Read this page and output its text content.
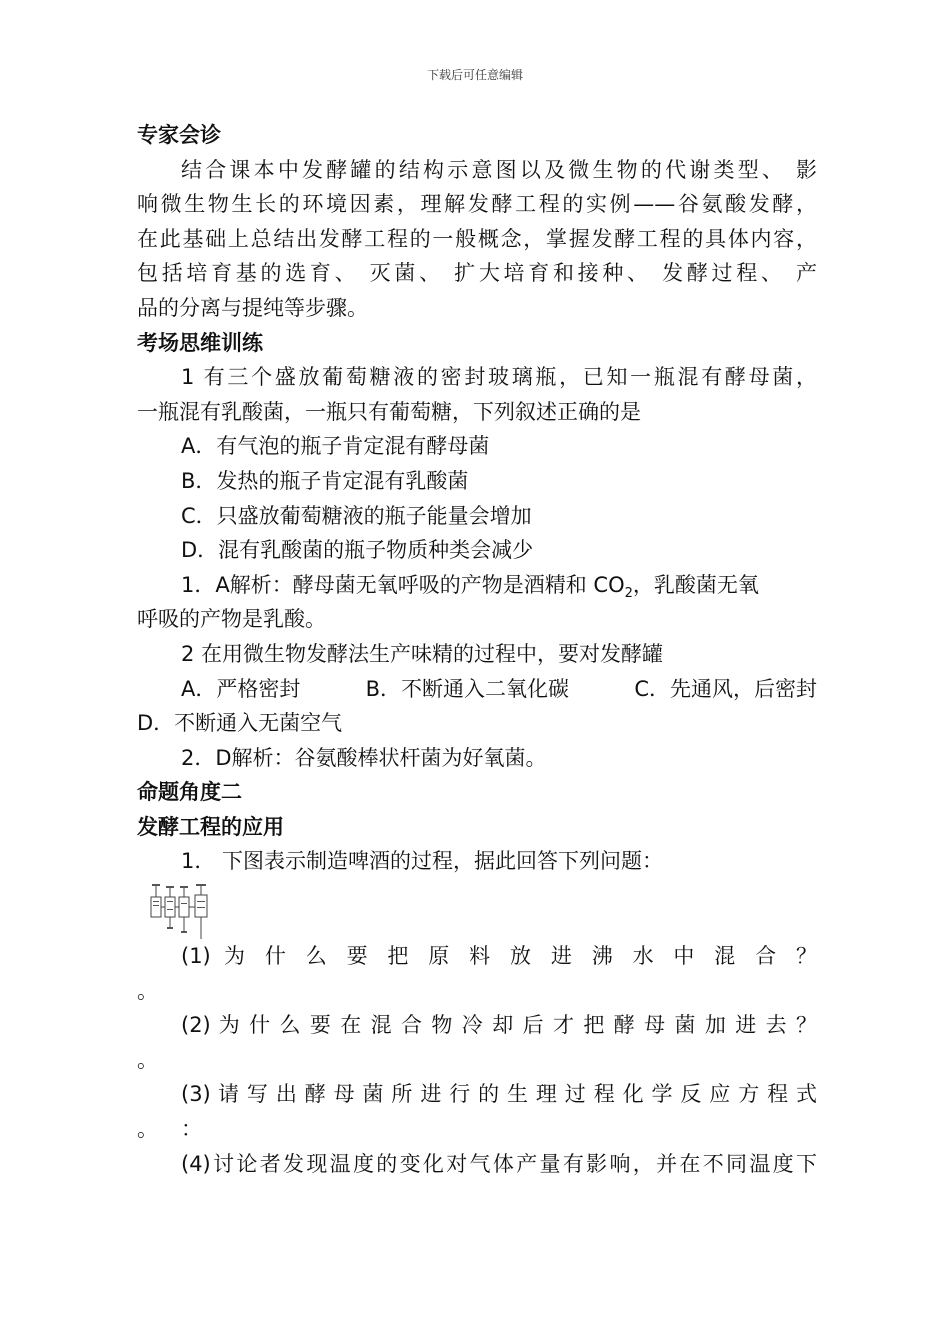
下载后可任意编辑
专家会诊
结合课本中发酵罐的结构示意图以及微生物的代谢类型、 影
响微生物生长的环境因素，理解发酵工程的实例——谷氨酸发酵，
在此基础上总结出发酵工程的一般概念，掌握发酵工程的具体内容，
包括培育基的选育、 灭菌、 扩大培育和接种、 发酵过程、 产
品的分离与提纯等步骤。
考场思维训练
1 有三个盛放葡萄糖液的密封玻璃瓶，已知一瓶混有酵母菌，
一瓶混有乳酸菌，一瓶只有葡萄糖，下列叙述正确的是
A．有气泡的瓶子肯定混有酵母菌
B．发热的瓶子肯定混有乳酸菌
C．只盛放葡萄糖液的瓶子能量会增加
D．混有乳酸菌的瓶子物质种类会减少
1．A解析：酵母菌无氧呼吸的产物是酒精和 $CO_2$，乳酸菌无氧
呼吸的产物是乳酸。
2 在用微生物发酵法生产味精的过程中，要对发酵罐
A．严格密封	B．不断通入二氧化碳	C．先通风，后密封
D．不断通入无菌空气
2．D解析：谷氨酸棒状杆菌为好氧菌。
命题角度二
发酵工程的应用
1． 下图表示制造啤酒的过程，据此回答下列问题：
(1) 为 什 么 要 把 原 料 放 进 沸 水 中 混 合 ？
。
(2) 为 什 么 要 在 混 合 物 冷 却 后 才 把 酵 母 菌 加 进 去 ？
。
(3) 请 写 出 酵 母 菌 所 进 行 的 生 理 过 程 化 学 反 应 方 程 式 ：
。
(4)讨论者发现温度的变化对气体产量有影响，并在不同温度下
